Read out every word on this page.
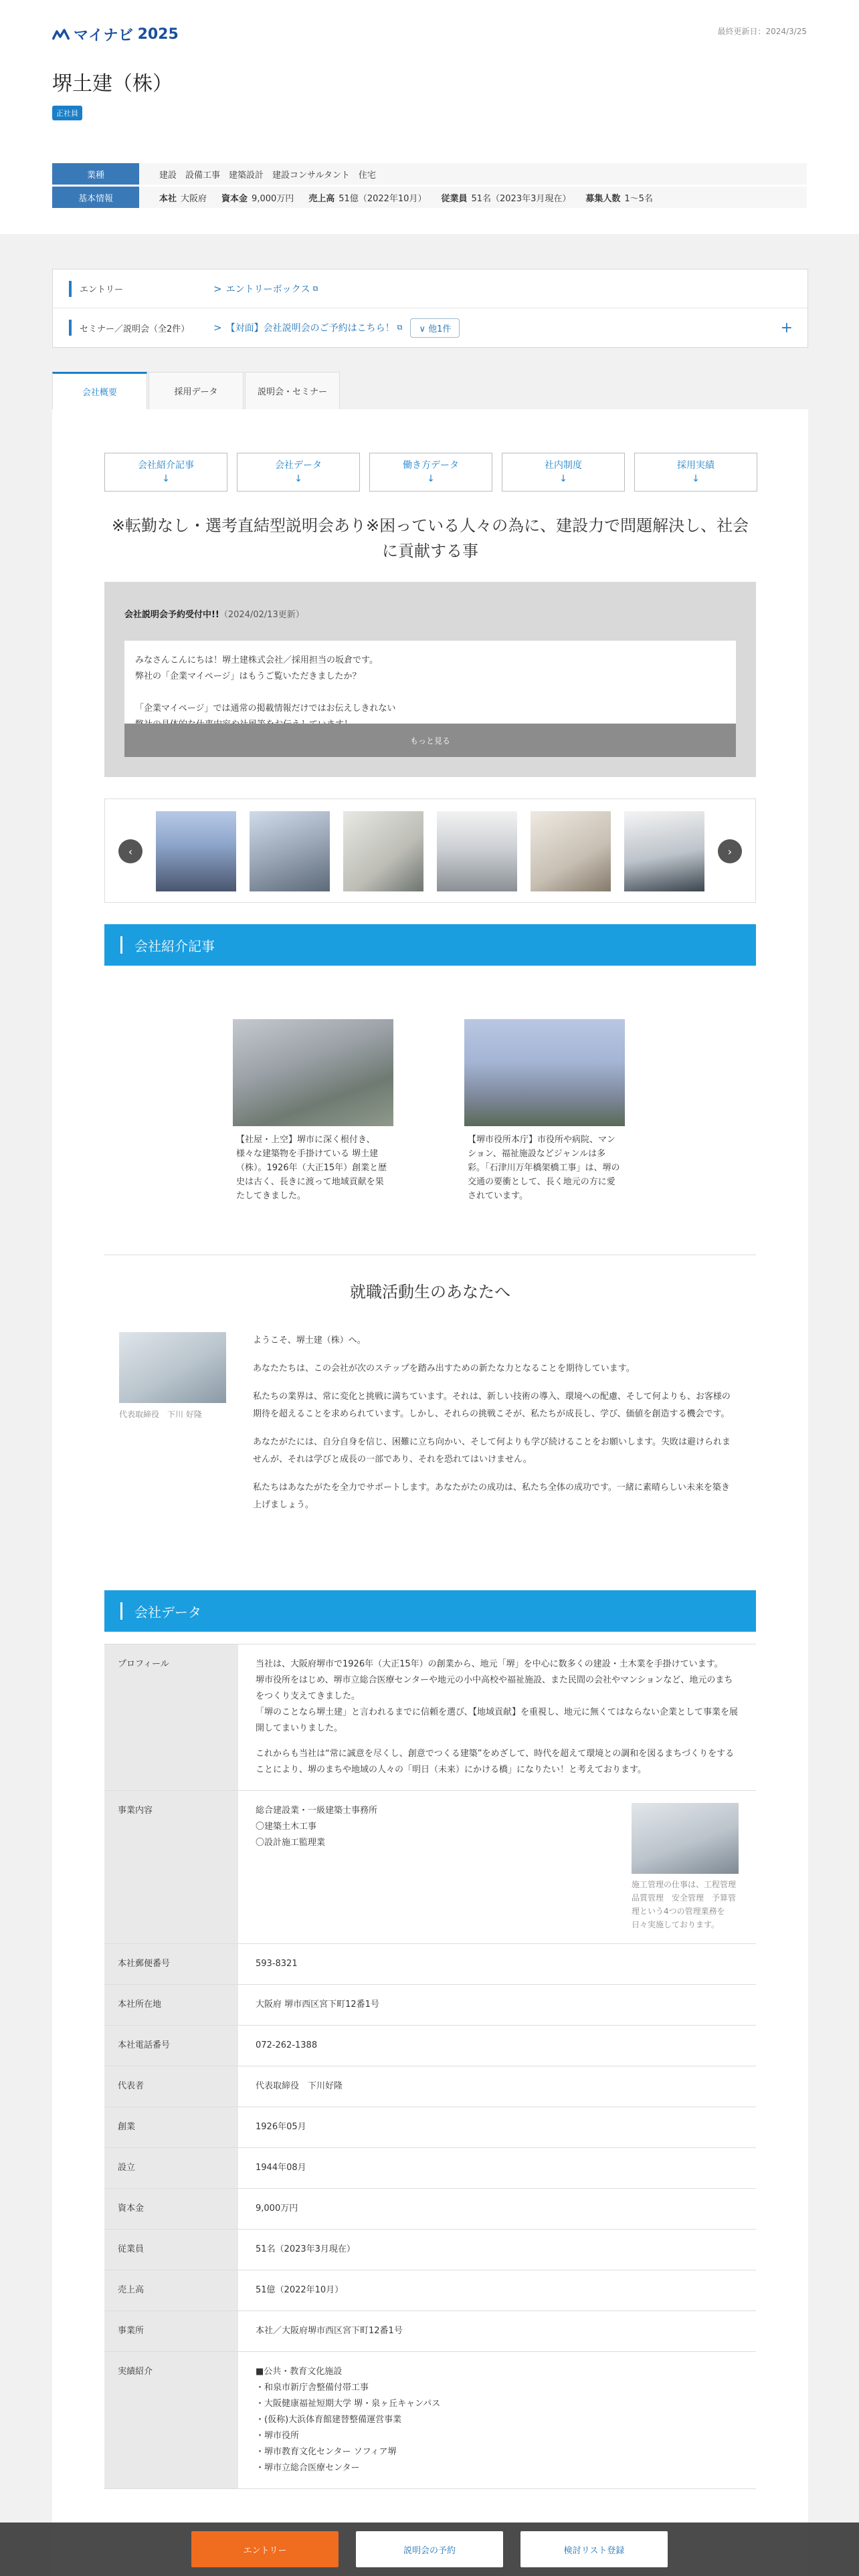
マイナビ 2025	最終更新日：2024/3/25
堺土建（株）
正社員
業種	建設　設備工事　建築設計　建設コンサルタント　住宅
基本情報	本社 大阪府 資本金 9,000万円 売上高 51億（2022年10月） 従業員 51名（2023年3月現在） 募集人数 1～5名
エントリー	> エントリーボックス ⧉
セミナー／説明会（全2件）	> 【対面】会社説明会のご予約はこちら！ ⧉	∨ 他1件	+
会社概要	採用データ	説明会・セミナー
会社紹介記事
↓
会社データ
↓
働き方データ
↓
社内制度
↓
採用実績
↓
※転勤なし・選考直結型説明会あり※困っている人々の為に、建設力で問題解決し、社会に貢献する事
会社説明会予約受付中!!（2024/02/13更新）
みなさんこんにちは！堺土建株式会社／採用担当の坂倉です。
弊社の「企業マイページ」はもうご覧いただきましたか？
「企業マイページ」では通常の掲載情報だけではお伝えしきれない
もっと見る
‹	›
会社紹介記事
【社屋・上空】堺市に深く根付き、様々な建築物を手掛けている 堺土建（株）。1926年（大正15年）創業と歴史は古く、長きに渡って地域貢献を果たしてきました。
【堺市役所本庁】市役所や病院、マンション、福祉施設などジャンルは多彩。「石津川万年橋架橋工事」は、堺の交通の要衝として、長く地元の方に愛されています。
就職活動生のあなたへ
代表取締役　下川 好隆

ようこそ、堺土建（株）へ。

あなたたちは、この会社が次のステップを踏み出すための新たな力となることを期待しています。

私たちの業界は、常に変化と挑戦に満ちています。それは、新しい技術の導入、環境への配慮、そして何よりも、お客様の期待を超えることを求められています。しかし、それらの挑戦こそが、私たちが成長し、学び、価値を創造する機会です。

あなたがたには、自分自身を信じ、困難に立ち向かい、そして何よりも学び続けることをお願いします。失敗は避けられませんが、それは学びと成長の一部であり、それを恐れてはいけません。

私たちはあなたがたを全力でサポートします。あなたがたの成功は、私たち全体の成功です。一緒に素晴らしい未来を築き上げましょう。

会社データ
プロフィール	当社は、大阪府堺市で1926年（大正15年）の創業から、地元「堺」を中心に数多くの建設・土木業を手掛けています。
堺市役所をはじめ、堺市立総合医療センターや地元の小中高校や福祉施設、また民間の会社やマンションなど、地元のまちをつくり支えてきました。
「堺のことなら堺土建」と言われるまでに信頼を選び、【地域貢献】を重視し、地元に無くてはならない企業として事業を展開してまいりました。
これからも当社は“常に誠意を尽くし、創意でつくる建築”をめざして、時代を超えて環境との調和を図るまちづくりをすることにより、堺のまちや地域の人々の「明日（未来）にかける橋」になりたい！と考えております。
事業内容	総合建設業・一級建築士事務所
〇建築土木工事
〇設計施工監理業
施工管理の仕事は、工程管理　品質管理　安全管理　予算管理という4つの管理業務を日々実施しております。
本社郵便番号	593-8321
本社所在地	大阪府 堺市西区宮下町12番1号
本社電話番号	072-262-1388
代表者	代表取締役　下川好隆
創業	1926年05月
設立	1944年08月
資本金	9,000万円
従業員	51名（2023年3月現在）
売上高	51億（2022年10月）
事業所	本社／大阪府堺市西区宮下町12番1号
実績紹介	■公共・教育文化施設
・和泉市新庁舎整備付帯工事
・大阪健康福祉短期大学 堺・泉ヶ丘キャンパス
・(仮称)大浜体育館建替整備運営事業
・堺市役所
・堺市教育文化センター ソフィア堺
・堺市立総合医療センター
エントリー	説明会の予約	検討リスト登録
